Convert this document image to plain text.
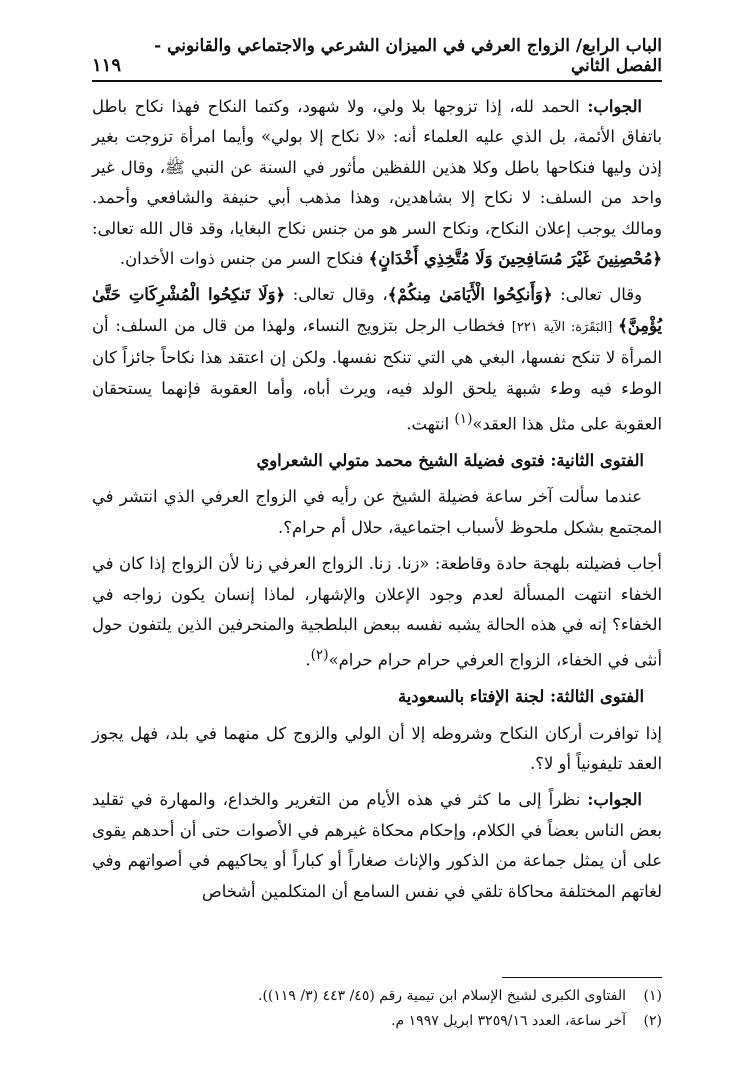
الباب الرابع/ الزواج العرفي في الميزان الشرعي والاجتماعي والقانوني - الفصل الثاني
١١٩

الجواب: الحمد لله، إذا تزوجها بلا ولي، ولا شهود، وكتما النكاح فهذا نكاح باطل باتفاق الأئمة، بل الذي عليه العلماء أنه: «لا نكاح إلا بولي» وأيما امرأة تزوجت بغير إذن وليها فنكاحها باطل وكلا هذين اللفظين مأثور في السنة عن النبي ﷺ، وقال غير واحد من السلف: لا نكاح إلا بشاهدين، وهذا مذهب أبي حنيفة والشافعي وأحمد. ومالك يوجب إعلان النكاح، ونكاح السر هو من جنس نكاح البغايا، وقد قال الله تعالى: ﴿مُحْصِنِينَ غَيْرَ مُسَافِحِينَ وَلَا مُتَّخِذِي أَخْدَانٍ﴾ فنكاح السر من جنس ذوات الأخدان.

وقال تعالى: ﴿وَأَنكِحُوا الْأَيَامَىٰ مِنكُمْ﴾، وقال تعالى: ﴿وَلَا تَنكِحُوا الْمُشْرِكَاتِ حَتَّىٰ يُؤْمِنَّ﴾ [البَقَرَة: الآية ٢٢١] فخطاب الرجل بتزويج النساء، ولهذا من قال من السلف: أن المرأة لا تنكح نفسها، البغي هي التي تنكح نفسها. ولكن إن اعتقد هذا نكاحاً جائزاً كان الوطء فيه وطء شبهة يلحق الولد فيه، ويرث أباه، وأما العقوبة فإنهما يستحقان العقوبة على مثل هذا العقد»$^{(١)}$ انتهت.

الفتوى الثانية: فتوى فضيلة الشيخ محمد متولي الشعراوي

عندما سألت آخر ساعة فضيلة الشيخ عن رأيه في الزواج العرفي الذي انتشر في المجتمع بشكل ملحوظ لأسباب اجتماعية، حلال أم حرام؟.

أجاب فضيلته بلهجة حادة وقاطعة: «زنا. زنا. الزواج العرفي زنا لأن الزواج إذا كان في الخفاء انتهت المسألة لعدم وجود الإعلان والإشهار، لماذا إنسان يكون زواجه في الخفاء؟ إنه في هذه الحالة يشبه نفسه ببعض البلطجية والمنحرفين الذين يلتفون حول أنثى في الخفاء، الزواج العرفي حرام حرام حرام»$^{(٢)}$.

الفتوى الثالثة: لجنة الإفتاء بالسعودية

إذا توافرت أركان النكاح وشروطه إلا أن الولي والزوج كل منهما في بلد، فهل يجوز العقد تليفونياً أو لا؟.

الجواب: نظراً إلى ما كثر في هذه الأيام من التغرير والخداع، والمهارة في تقليد بعض الناس بعضاً في الكلام، وإحكام محكاة غيرهم في الأصوات حتى أن أحدهم يقوى على أن يمثل جماعة من الذكور والإناث صغاراً أو كباراً أو يحاكيهم في أصواتهم وفي لغاتهم المختلفة محاكاة تلقي في نفس السامع أن المتكلمين أشخاص

(١)الفتاوى الكبرى لشيخ الإسلام ابن تيمية رقم (٤٥/ ٤٤٣ (٣/ ١١٩)).

(٢)آخر ساعة، العدد ٣٢٥٩/١٦ ابريل ١٩٩٧ م.
